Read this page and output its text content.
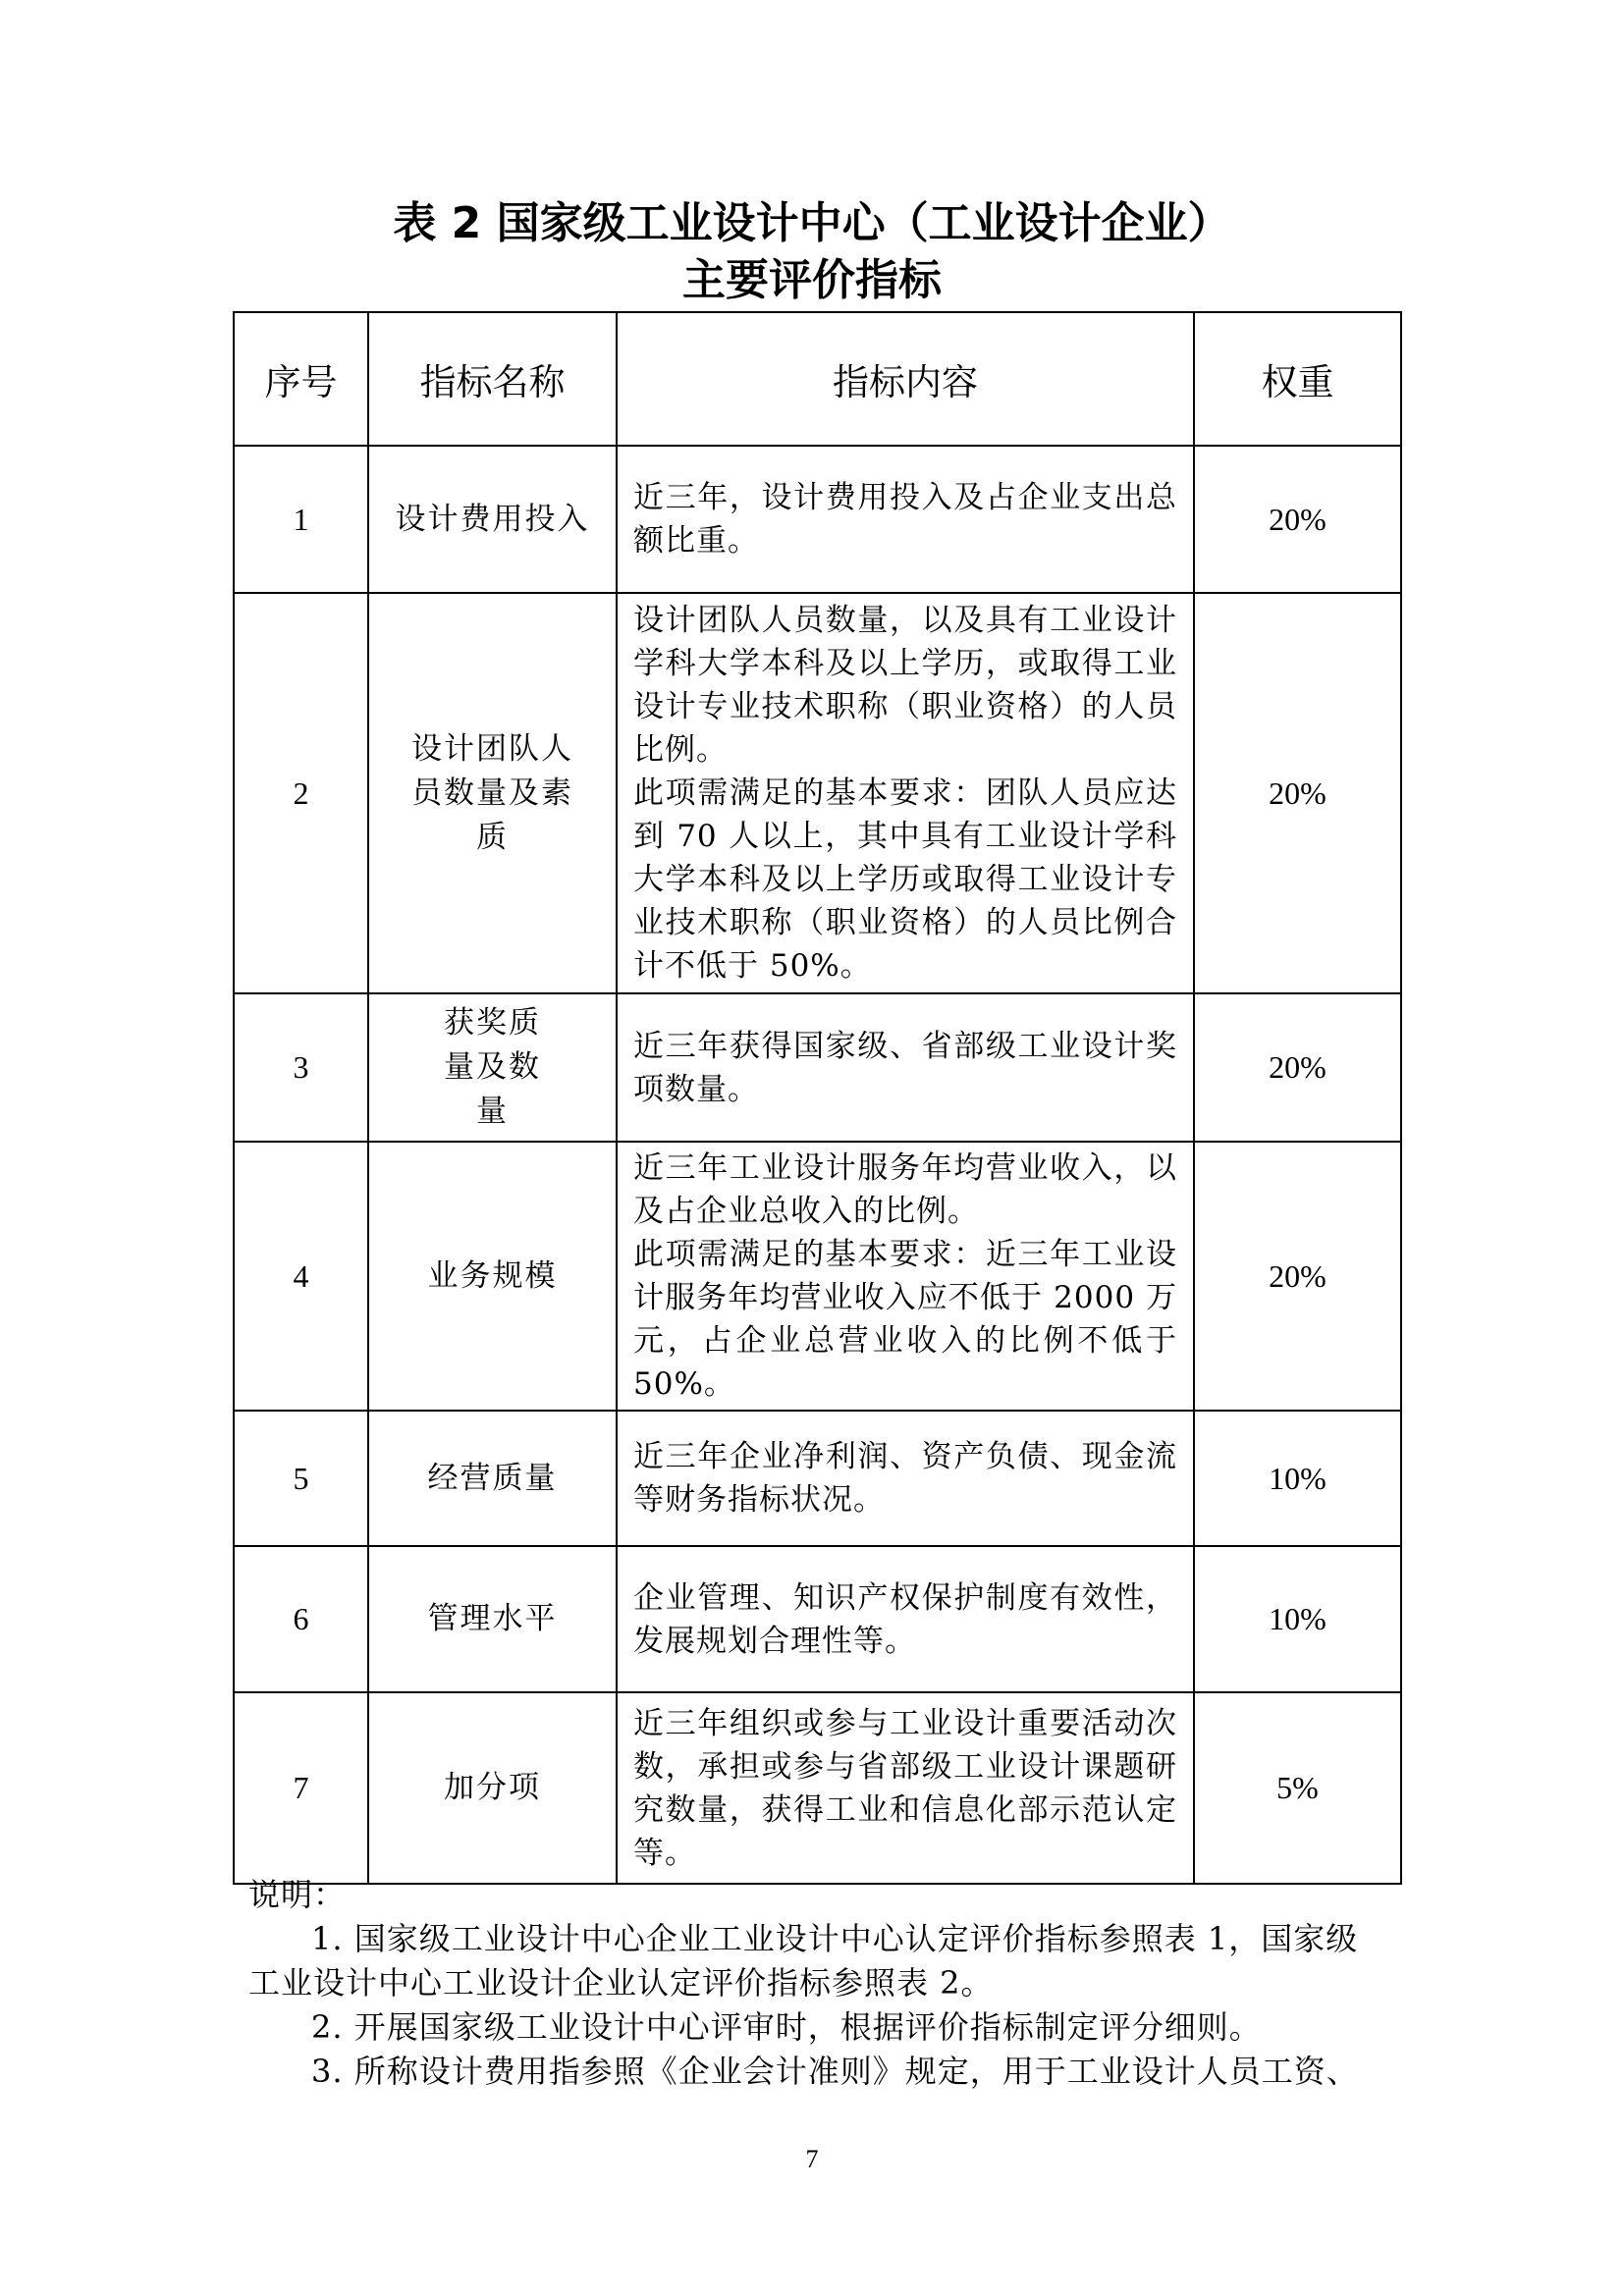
表 2 国家级工业设计中心（工业设计企业）
主要评价指标
序号	指标名称	指标内容	权重
1	设计费用投入	近三年，设计费用投入及占企业支出总额比重。	20%
2	设计团队人员数量及素质	设计团队人员数量，以及具有工业设计学科大学本科及以上学历，或取得工业设计专业技术职称（职业资格）的人员比例。
此项需满足的基本要求：团队人员应达到 70 人以上，其中具有工业设计学科大学本科及以上学历或取得工业设计专业技术职称（职业资格）的人员比例合计不低于 50%。	20%
3	获奖质量及数量	近三年获得国家级、省部级工业设计奖项数量。	20%
4	业务规模	近三年工业设计服务年均营业收入，以及占企业总收入的比例。
此项需满足的基本要求：近三年工业设计服务年均营业收入应不低于 2000 万元，占企业总营业收入的比例不低于 50%。	20%
5	经营质量	近三年企业净利润、资产负债、现金流等财务指标状况。	10%
6	管理水平	企业管理、知识产权保护制度有效性，发展规划合理性等。	10%
7	加分项	近三年组织或参与工业设计重要活动次数，承担或参与省部级工业设计课题研究数量，获得工业和信息化部示范认定等。	5%

说明：

1. 国家级工业设计中心企业工业设计中心认定评价指标参照表 1，国家级工业设计中心工业设计企业认定评价指标参照表 2。

2. 开展国家级工业设计中心评审时，根据评价指标制定评分细则。

3. 所称设计费用指参照《企业会计准则》规定，用于工业设计人员工资、

7
